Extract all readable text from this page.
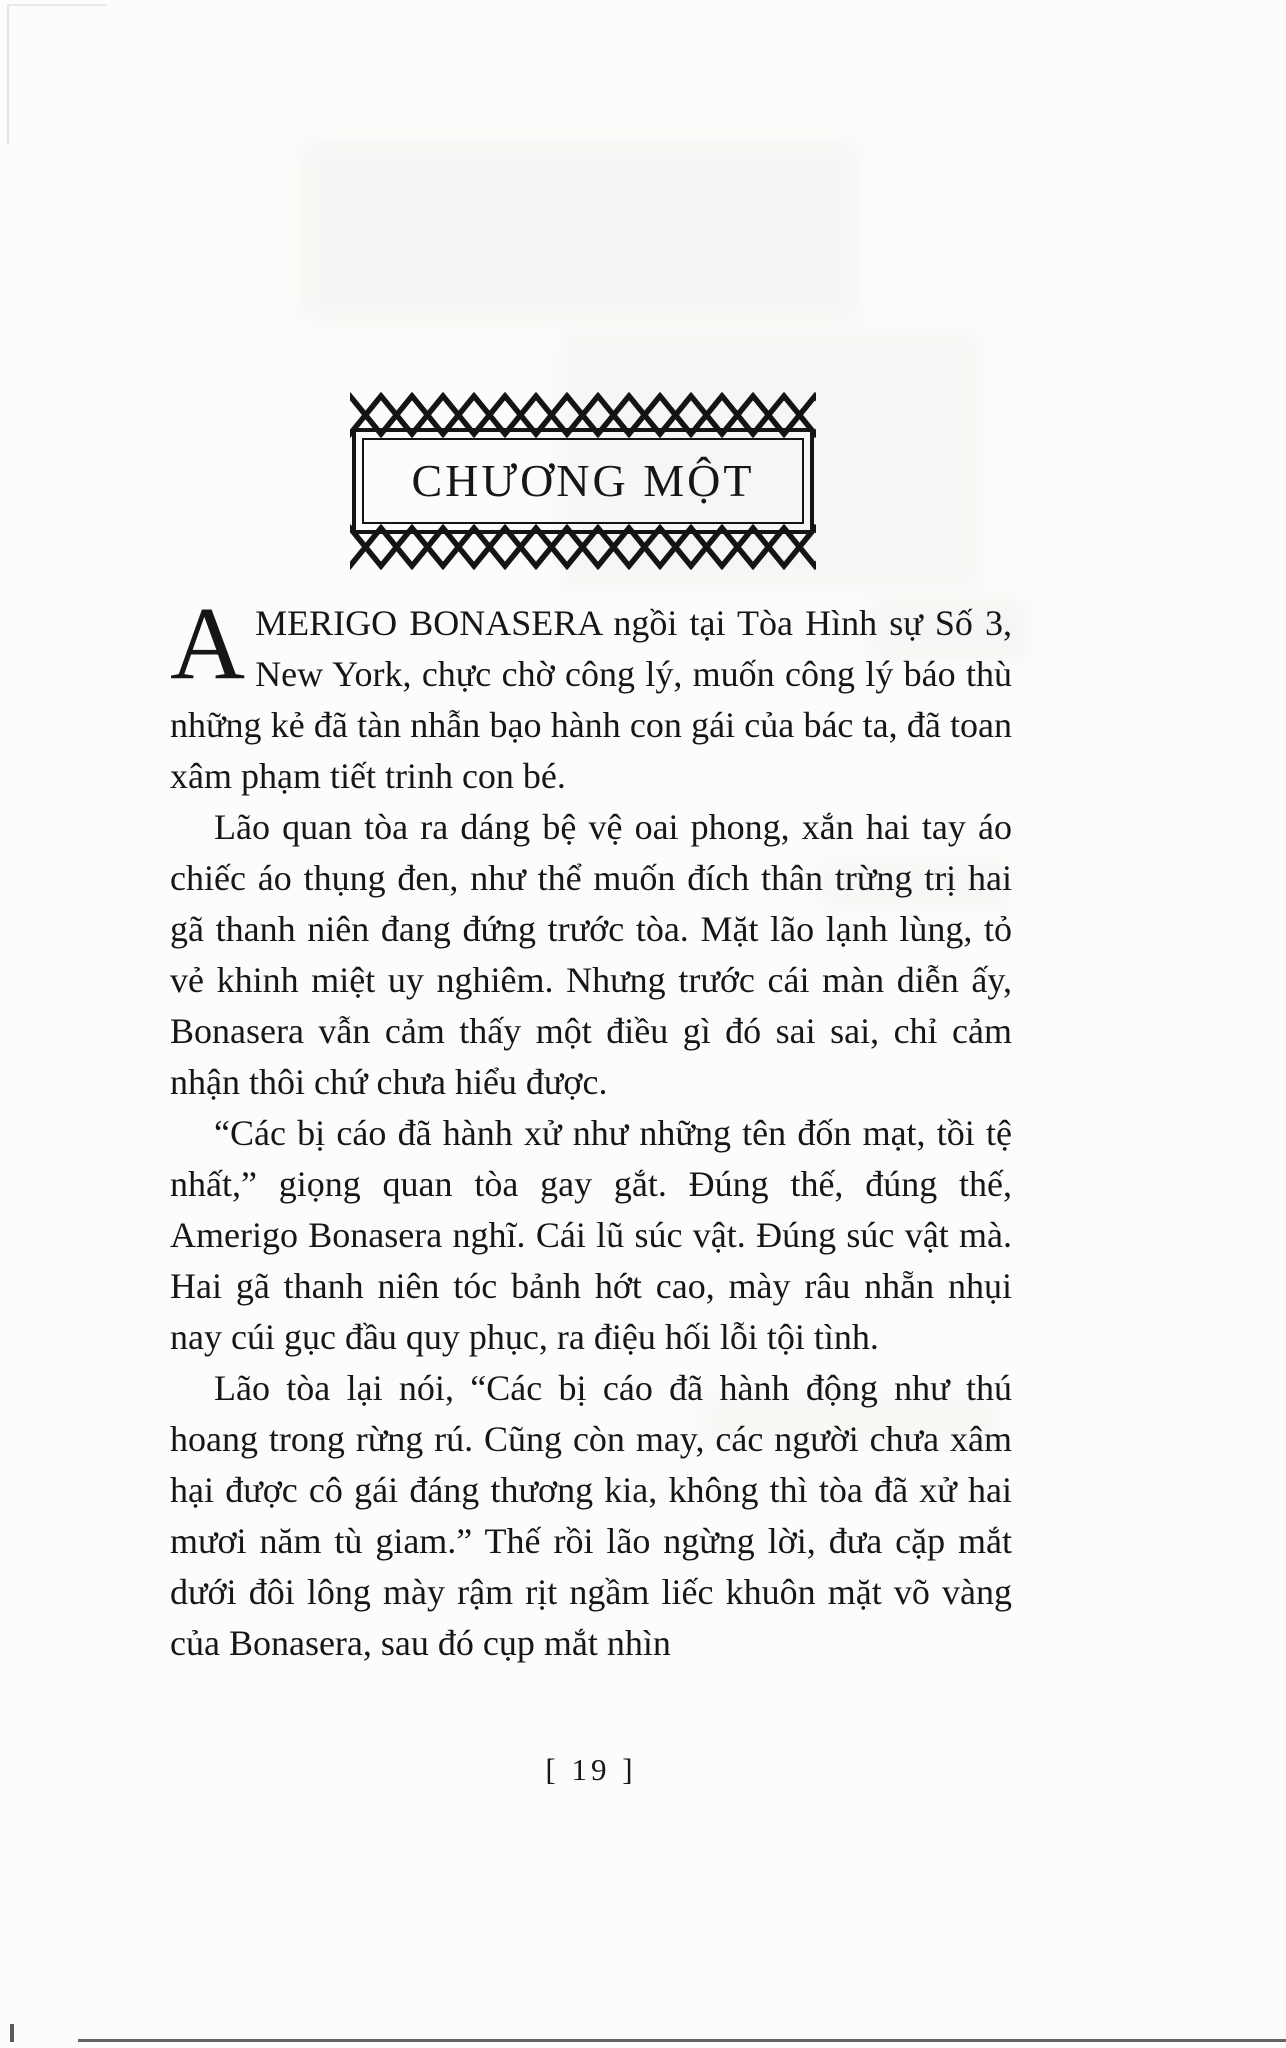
CHƯƠNG MỘT

AMERIGO BONASERA ngồi tại Tòa Hình sự Số 3, New York, chực chờ công lý, muốn công lý báo thù những kẻ đã tàn nhẫn bạo hành con gái của bác ta, đã toan xâm phạm tiết trinh con bé.

Lão quan tòa ra dáng bệ vệ oai phong, xắn hai tay áo chiếc áo thụng đen, như thể muốn đích thân trừng trị hai gã thanh niên đang đứng trước tòa. Mặt lão lạnh lùng, tỏ vẻ khinh miệt uy nghiêm. Nhưng trước cái màn diễn ấy, Bonasera vẫn cảm thấy một điều gì đó sai sai, chỉ cảm nhận thôi chứ chưa hiểu được.

“Các bị cáo đã hành xử như những tên đốn mạt, tồi tệ nhất,” giọng quan tòa gay gắt. Đúng thế, đúng thế, Amerigo Bonasera nghĩ. Cái lũ súc vật. Đúng súc vật mà. Hai gã thanh niên tóc bảnh hớt cao, mày râu nhẵn nhụi nay cúi gục đầu quy phục, ra điệu hối lỗi tội tình.

Lão tòa lại nói, “Các bị cáo đã hành động như thú hoang trong rừng rú. Cũng còn may, các người chưa xâm hại được cô gái đáng thương kia, không thì tòa đã xử hai mươi năm tù giam.” Thế rồi lão ngừng lời, đưa cặp mắt dưới đôi lông mày rậm rịt ngầm liếc khuôn mặt võ vàng của Bonasera, sau đó cụp mắt nhìn

[ 19 ]
